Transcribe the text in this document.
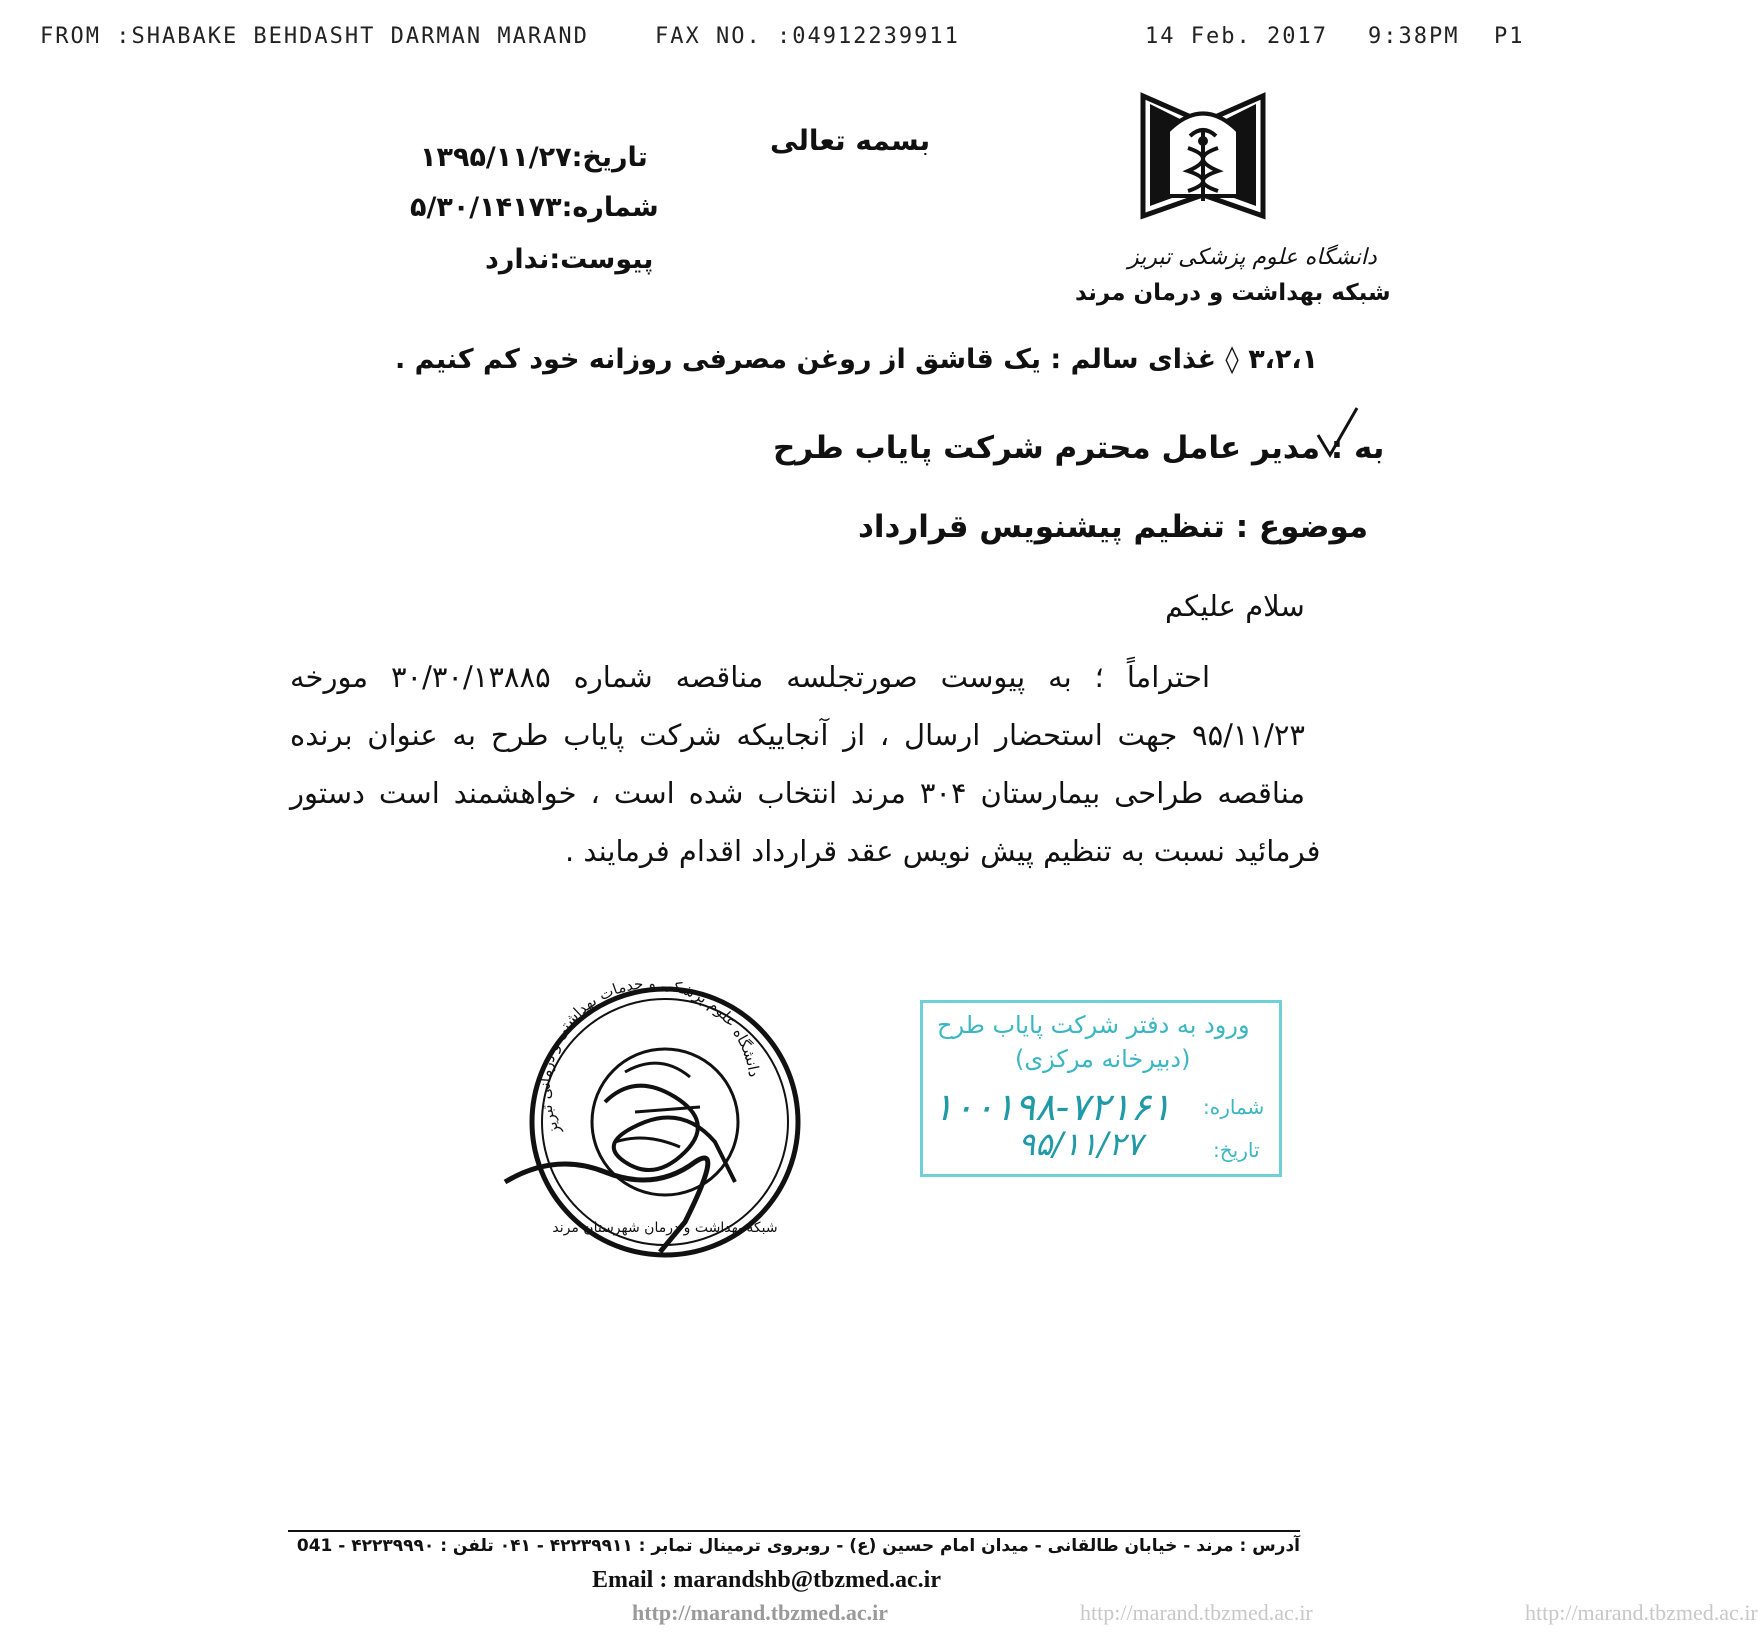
FROM :SHABAKE BEHDASHT DARMAN MARAND	FAX NO. :04912239911	14 Feb. 2017 9:38PM P1
بسمه تعالی
تاریخ:۱۳۹۵/۱۱/۲۷
شماره:۵/۳۰/۱۴۱۷۳
پیوست:ندارد	دانشگاه علوم پزشکی تبریز
شبکه بهداشت و درمان مرند
۳،۲،۱ ◊ غذای سالم : یک قاشق از روغن مصرفی روزانه خود کم کنیم .
به : مدیر عامل محترم شرکت پایاب طرح
موضوع : تنظیم پیشنویس قرارداد
سلام علیکم
احتراماً ؛ به پیوست صورتجلسه مناقصه شماره ۳۰/۳۰/۱۳۸۸۵ مورخه
۹۵/۱۱/۲۳ جهت استحضار ارسال ، از آنجاییکه شرکت پایاب طرح به عنوان برنده
مناقصه طراحی بیمارستان ۳۰۴ مرند انتخاب شده است ، خواهشمند است دستور
فرمائید نسبت به تنظیم پیش نویس عقد قرارداد اقدام فرمایند .
دانشگاه علوم پزشکی و خدمات بهداشتی و درمانی تبریز
شبکه بهداشت و درمان شهرستان مرند
ورود به دفتر شرکت پایاب طرح
(دبیرخانه مرکزی)
شماره:
۱۰۰۱۹۸-۷۲۱۶۱
تاریخ:
۹۵/۱۱/۲۷
آدرس : مرند - خیابان طالقانی - میدان امام حسین (ع) - روبروی ترمینال تمابر : ۴۲۲۳۹۹۱۱ - ۰۴۱ تلفن : ۴۲۲۳۹۹۹۰ - 041
Email : marandshb@tbzmed.ac.ir
http://marand.tbzmed.ac.ir	http://marand.tbzmed.ac.ir	http://marand.tbzmed.ac.ir
